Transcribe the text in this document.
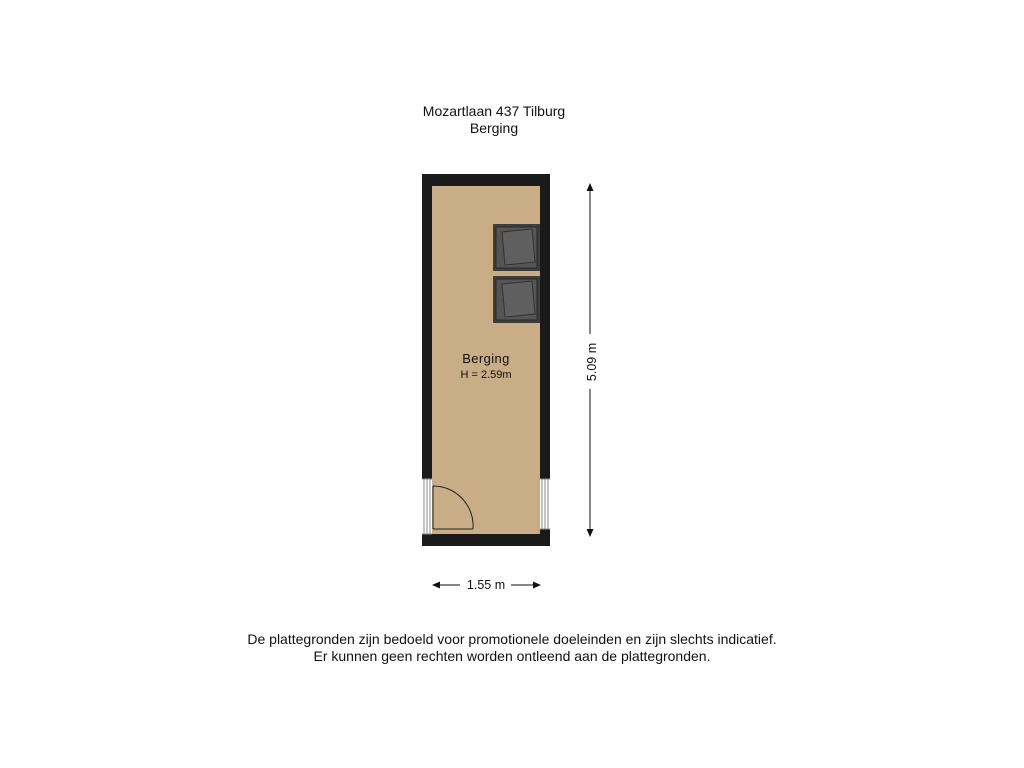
Mozartlaan 437 Tilburg
Berging
Berging
H = 2.59m
1.55 m
5.09 m
De plattegronden zijn bedoeld voor promotionele doeleinden en zijn slechts indicatief.
Er kunnen geen rechten worden ontleend aan de plattegronden.
